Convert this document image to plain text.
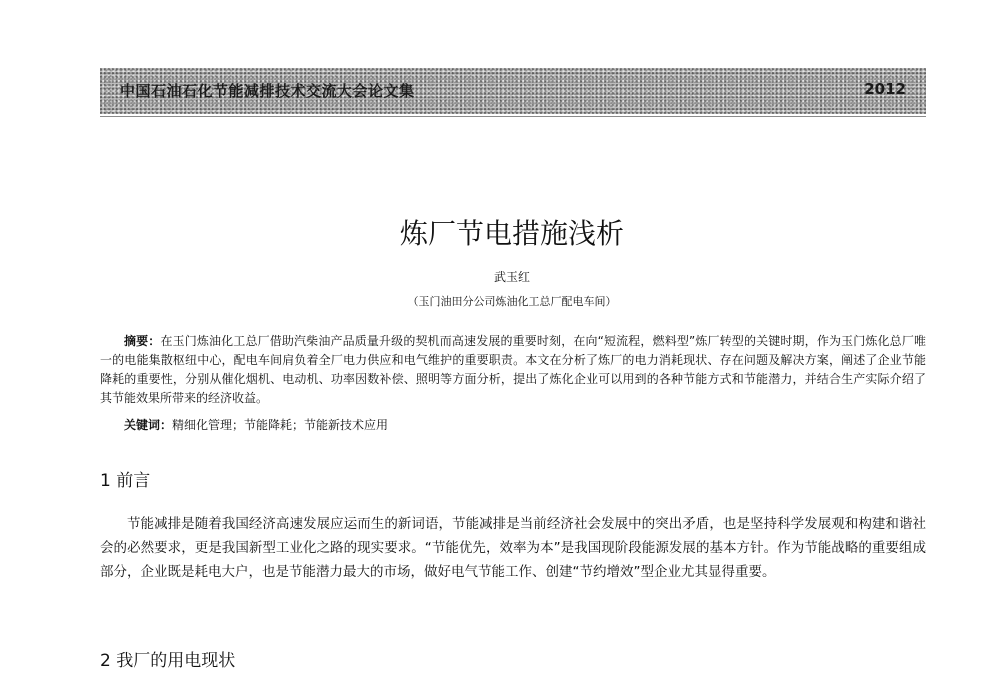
中国石油石化节能减排技术交流大会论文集	2012
炼厂节电措施浅析
武玉红
（玉门油田分公司炼油化工总厂配电车间）
摘要：在玉门炼油化工总厂借助汽柴油产品质量升级的契机而高速发展的重要时刻，在向“短流程，燃料型”炼厂转型的关键时期，作为玉门炼化总厂唯一的电能集散枢纽中心，配电车间肩负着全厂电力供应和电气维护的重要职责。本文在分析了炼厂的电力消耗现状、存在问题及解决方案，阐述了企业节能降耗的重要性，分别从催化烟机、电动机、功率因数补偿、照明等方面分析，提出了炼化企业可以用到的各种节能方式和节能潜力，并结合生产实际介绍了其节能效果所带来的经济收益。
关键词：精细化管理；节能降耗；节能新技术应用
1 前言
节能减排是随着我国经济高速发展应运而生的新词语，节能减排是当前经济社会发展中的突出矛盾，也是坚持科学发展观和构建和谐社会的必然要求，更是我国新型工业化之路的现实要求。“节能优先，效率为本”是我国现阶段能源发展的基本方针。作为节能战略的重要组成部分，企业既是耗电大户，也是节能潜力最大的市场，做好电气节能工作、创建“节约增效”型企业尤其显得重要。
2 我厂的用电现状
